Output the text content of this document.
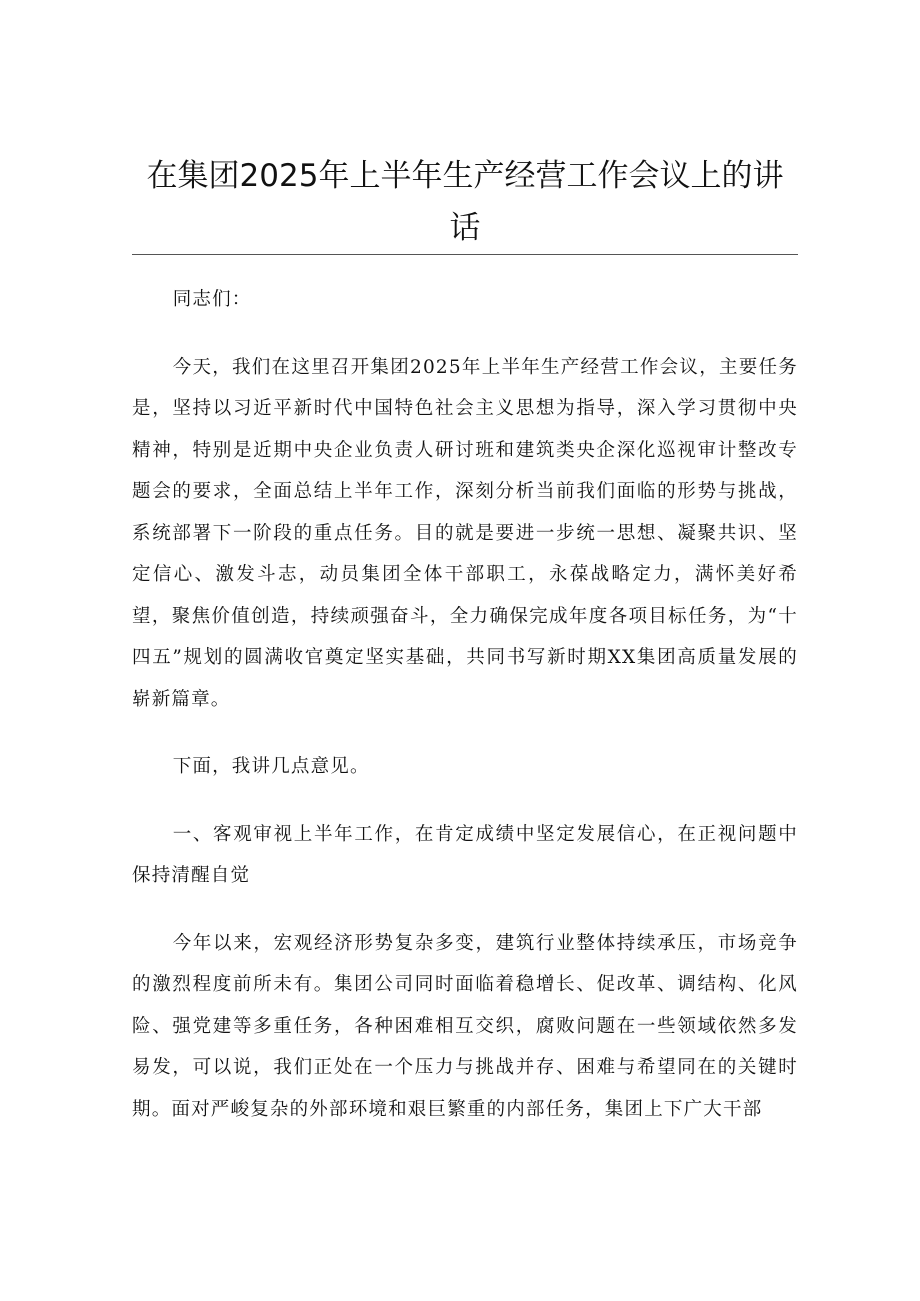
在集团2025年上半年生产经营工作会议上的讲话

同志们：

今天，我们在这里召开集团2025年上半年生产经营工作会议，主要任务是，坚持以习近平新时代中国特色社会主义思想为指导，深入学习贯彻中央精神，特别是近期中央企业负责人研讨班和建筑类央企深化巡视审计整改专题会的要求，全面总结上半年工作，深刻分析当前我们面临的形势与挑战，系统部署下一阶段的重点任务。目的就是要进一步统一思想、凝聚共识、坚定信心、激发斗志，动员集团全体干部职工，永葆战略定力，满怀美好希望，聚焦价值创造，持续顽强奋斗，全力确保完成年度各项目标任务，为“十四五”规划的圆满收官奠定坚实基础，共同书写新时期XX集团高质量发展的崭新篇章。

下面，我讲几点意见。

一、客观审视上半年工作，在肯定成绩中坚定发展信心，在正视问题中保持清醒自觉

今年以来，宏观经济形势复杂多变，建筑行业整体持续承压，市场竞争的激烈程度前所未有。集团公司同时面临着稳增长、促改革、调结构、化风险、强党建等多重任务，各种困难相互交织，腐败问题在一些领域依然多发易发，可以说，我们正处在一个压力与挑战并存、困难与希望同在的关键时期。面对严峻复杂的外部环境和艰巨繁重的内部任务，集团上下广大干部
